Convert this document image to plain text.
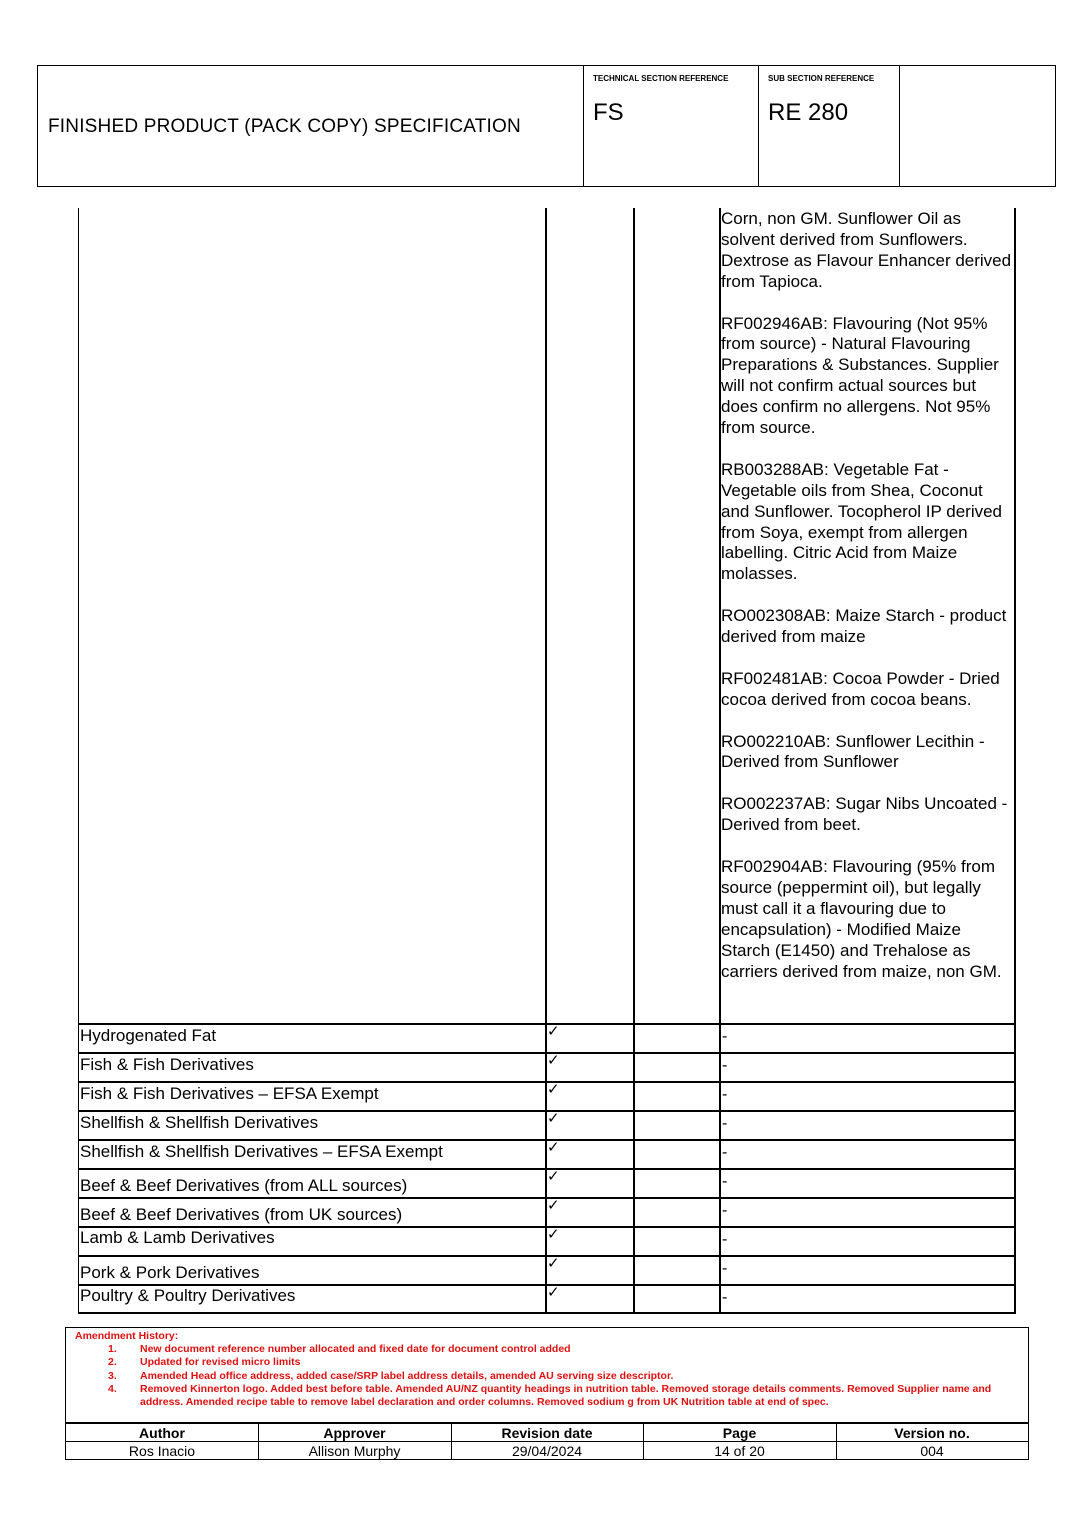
FINISHED PRODUCT (PACK COPY) SPECIFICATION
TECHNICAL SECTION REFERENCE
FS
SUB SECTION REFERENCE
RE 280

Corn, non GM. Sunflower Oil as solvent derived from Sunflowers. Dextrose as Flavour Enhancer derived from Tapioca.

RF002946AB: Flavouring (Not 95% from source) - Natural Flavouring Preparations & Substances. Supplier will not confirm actual sources but does confirm no allergens. Not 95% from source.

RB003288AB: Vegetable Fat - Vegetable oils from Shea, Coconut and Sunflower. Tocopherol IP derived from Soya, exempt from allergen labelling. Citric Acid from Maize molasses.

RO002308AB: Maize Starch - product derived from maize

RF002481AB: Cocoa Powder - Dried cocoa derived from cocoa beans.

RO002210AB: Sunflower Lecithin - Derived from Sunflower

RO002237AB: Sugar Nibs Uncoated - Derived from beet.

RF002904AB: Flavouring (95% from source (peppermint oil), but legally must call it a flavouring due to encapsulation) - Modified Maize Starch (E1450) and Trehalose as carriers derived from maize, non GM.

Hydrogenated Fat	✓	-
Fish & Fish Derivatives	✓	-
Fish & Fish Derivatives – EFSA Exempt	✓	-
Shellfish & Shellfish Derivatives	✓	-
Shellfish & Shellfish Derivatives – EFSA Exempt	✓	-
Beef & Beef Derivatives (from ALL sources)	✓	-
Beef & Beef Derivatives (from UK sources)	✓	-
Lamb & Lamb Derivatives	✓	-
Pork & Pork Derivatives	✓	-
Poultry & Poultry Derivatives	✓	-
Amendment History:
1. New document reference number allocated and fixed date for document control added
2. Updated for revised micro limits
3. Amended Head office address, added case/SRP label address details, amended AU serving size descriptor.
4. Removed Kinnerton logo. Added best before table. Amended AU/NZ quantity headings in nutrition table. Removed storage details comments. Removed Supplier name and address. Amended recipe table to remove label declaration and order columns. Removed sodium g from UK Nutrition table at end of spec.
Author	Approver	Revision date	Page	Version no.
Ros Inacio	Allison Murphy	29/04/2024	14 of 20	004
